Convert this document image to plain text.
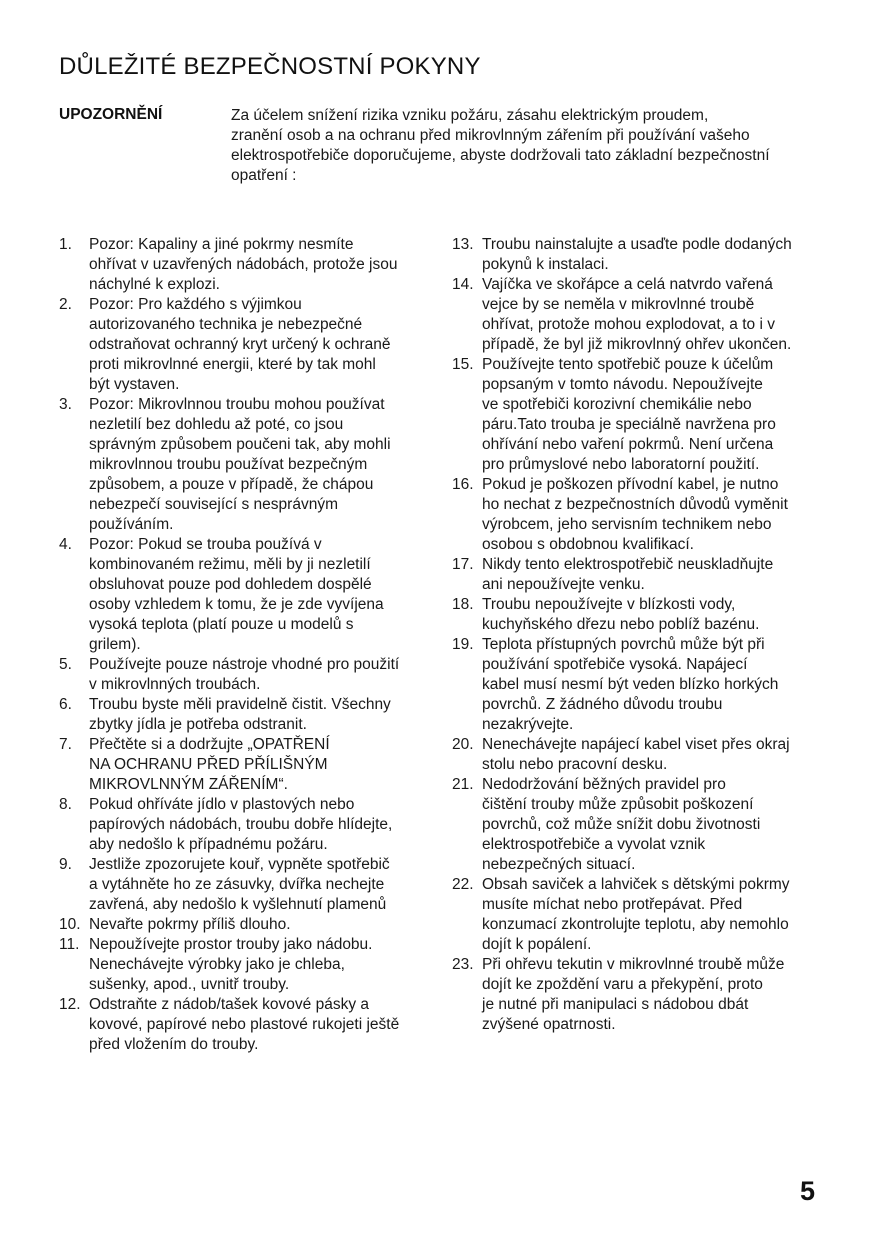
DŮLEŽITÉ BEZPEČNOSTNÍ POKYNY
UPOZORNĚNÍ	Za účelem snížení rizika vzniku požáru, zásahu elektrickým proudem,
zranění osob a na ochranu před mikrovlnným zářením při používání vašeho
elektrospotřebiče doporučujeme, abyste dodržovali tato základní bezpečnostní
opatření :
1. Pozor: Kapaliny a jiné pokrmy nesmíte
ohřívat v uzavřených nádobách, protože jsou
náchylné k explozi.
2. Pozor: Pro každého s výjimkou
autorizovaného technika je nebezpečné
odstraňovat ochranný kryt určený k ochraně
proti mikrovlnné energii, které by tak mohl
být vystaven.
3. Pozor: Mikrovlnnou troubu mohou používat
nezletilí bez dohledu až poté, co jsou
správným způsobem poučeni tak, aby mohli
mikrovlnnou troubu používat bezpečným
způsobem, a pouze v případě, že chápou
nebezpečí související s nesprávným
používáním.
4. Pozor: Pokud se trouba používá v
kombinovaném režimu, měli by ji nezletilí
obsluhovat pouze pod dohledem dospělé
osoby vzhledem k tomu, že je zde vyvíjena
vysoká teplota (platí pouze u modelů s
grilem).
5. Používejte pouze nástroje vhodné pro použití
v mikrovlnných troubách.
6. Troubu byste měli pravidelně čistit. Všechny
zbytky jídla je potřeba odstranit.
7. Přečtěte si a dodržujte „OPATŘENÍ
NA OCHRANU PŘED PŘÍLIŠNÝM
MIKROVLNNÝM ZÁŘENÍM“.
8. Pokud ohříváte jídlo v plastových nebo
papírových nádobách, troubu dobře hlídejte,
aby nedošlo k případnému požáru.
9. Jestliže zpozorujete kouř, vypněte spotřebič
a vytáhněte ho ze zásuvky, dvířka nechejte
zavřená, aby nedošlo k vyšlehnutí plamenů
10. Nevařte pokrmy příliš dlouho.
11. Nepoužívejte prostor trouby jako nádobu.
Nenechávejte výrobky jako je chleba,
sušenky, apod., uvnitř trouby.
12. Odstraňte z nádob/tašek kovové pásky a
kovové, papírové nebo plastové rukojeti ještě
před vložením do trouby.
13. Troubu nainstalujte a usaďte podle dodaných
pokynů k instalaci.
14. Vajíčka ve skořápce a celá natvrdo vařená
vejce by se neměla v mikrovlnné troubě
ohřívat, protože mohou explodovat, a to i v
případě, že byl již mikrovlnný ohřev ukončen.
15. Používejte tento spotřebič pouze k účelům
popsaným v tomto návodu. Nepoužívejte
ve spotřebiči korozivní chemikálie nebo
páru.Tato trouba je speciálně navržena pro
ohřívání nebo vaření pokrmů. Není určena
pro průmyslové nebo laboratorní použití.
16. Pokud je poškozen přívodní kabel, je nutno
ho nechat z bezpečnostních důvodů vyměnit
výrobcem, jeho servisním technikem nebo
osobou s obdobnou kvalifikací.
17. Nikdy tento elektrospotřebič neuskladňujte
ani nepoužívejte venku.
18. Troubu nepoužívejte v blízkosti vody,
kuchyňského dřezu nebo poblíž bazénu.
19. Teplota přístupných povrchů může být při
používání spotřebiče vysoká. Napájecí
kabel musí nesmí být veden blízko horkých
povrchů. Z žádného důvodu troubu
nezakrývejte.
20. Nenechávejte napájecí kabel viset přes okraj
stolu nebo pracovní desku.
21. Nedodržování běžných pravidel pro
čištění trouby může způsobit poškození
povrchů, což může snížit dobu životnosti
elektrospotřebiče a vyvolat vznik
nebezpečných situací.
22. Obsah saviček a lahviček s dětskými pokrmy
musíte míchat nebo protřepávat. Před
konzumací zkontrolujte teplotu, aby nemohlo
dojít k popálení.
23. Při ohřevu tekutin v mikrovlnné troubě může
dojít ke zpoždění varu a překypění, proto
je nutné při manipulaci s nádobou dbát
zvýšené opatrnosti.
5
